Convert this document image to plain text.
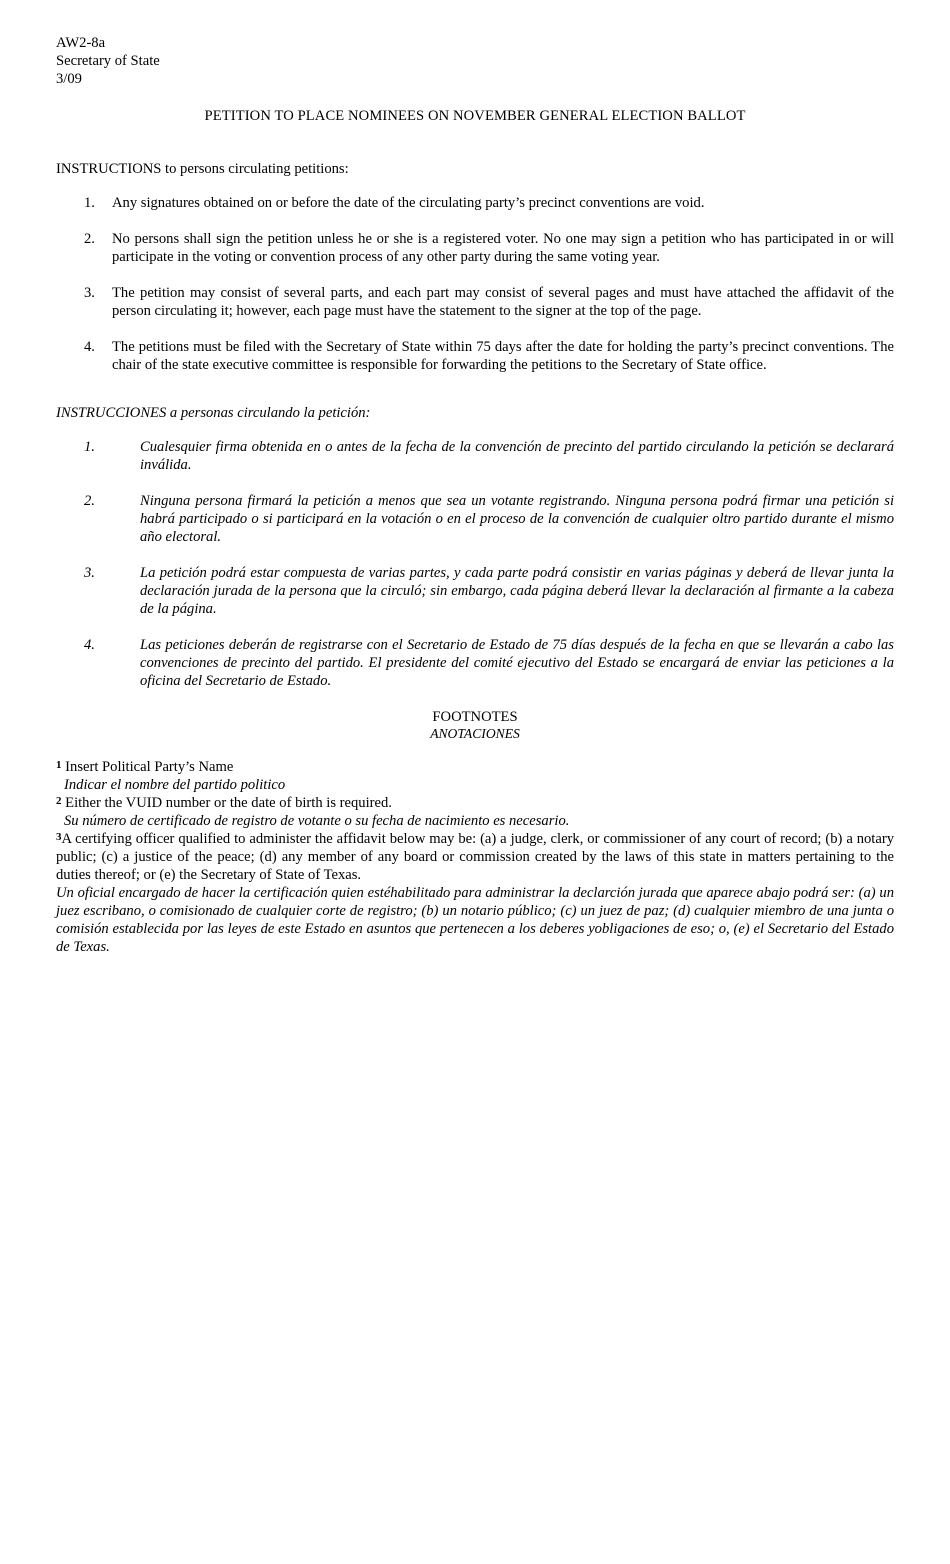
AW2-8a
Secretary of State
3/09
PETITION TO PLACE NOMINEES ON NOVEMBER GENERAL ELECTION BALLOT
INSTRUCTIONS to persons circulating petitions:
1.	Any signatures obtained on or before the date of the circulating party’s precinct conventions are void.
2.	No persons shall sign the petition unless he or she is a registered voter. No one may sign a petition who has participated in or will participate in the voting or convention process of any other party during the same voting year.
3.	The petition may consist of several parts, and each part may consist of several pages and must have attached the affidavit of the person circulating it; however, each page must have the statement to the signer at the top of the page.
4.	The petitions must be filed with the Secretary of State within 75 days after the date for holding the party’s precinct conventions. The chair of the state executive committee is responsible for forwarding the petitions to the Secretary of State office.
INSTRUCCIONES a personas circulando la petición:
1.	Cualesquier firma obtenida en o antes de la fecha de la convención de precinto del partido circulando la petición se declarará inválida.
2.	Ninguna persona firmará la petición a menos que sea un votante registrando. Ninguna persona podrá firmar una petición si habrá participado o si participará en la votación o en el proceso de la convención de cualquier oltro partido durante el mismo año electoral.
3.	La petición podrá estar compuesta de varias partes, y cada parte podrá consistir en varias páginas y deberá de llevar junta la declaración jurada de la persona que la circuló; sin embargo, cada página deberá llevar la declaración al firmante a la cabeza de la página.
4.	Las peticiones deberán de registrarse con el Secretario de Estado de 75 días después de la fecha en que se llevarán a cabo las convenciones de precinto del partido. El presidente del comité ejecutivo del Estado se encargará de enviar las peticiones a la oficina del Secretario de Estado.
FOOTNOTES
ANOTACIONES
$^1$ Insert Political Party’s Name
Indicar el nombre del partido politico
$^2$ Either the VUID number or the date of birth is required.
Su número de certificado de registro de votante o su fecha de nacimiento es necesario.
$^3$A certifying officer qualified to administer the affidavit below may be: (a) a judge, clerk, or commissioner of any court of record; (b) a notary public; (c) a justice of the peace; (d) any member of any board or commission created by the laws of this state in matters pertaining to the duties thereof; or (e) the Secretary of State of Texas.
Un oficial encargado de hacer la certificación quien estéhabilitado para administrar la declarción jurada que aparece abajo podrá ser: (a) un juez escribano, o comisionado de cualquier corte de registro; (b) un notario público; (c) un juez de paz; (d) cualquier miembro de una junta o comisión establecida por las leyes de este Estado en asuntos que pertenecen a los deberes yobligaciones de eso; o, (e) el Secretario del Estado de Texas.
